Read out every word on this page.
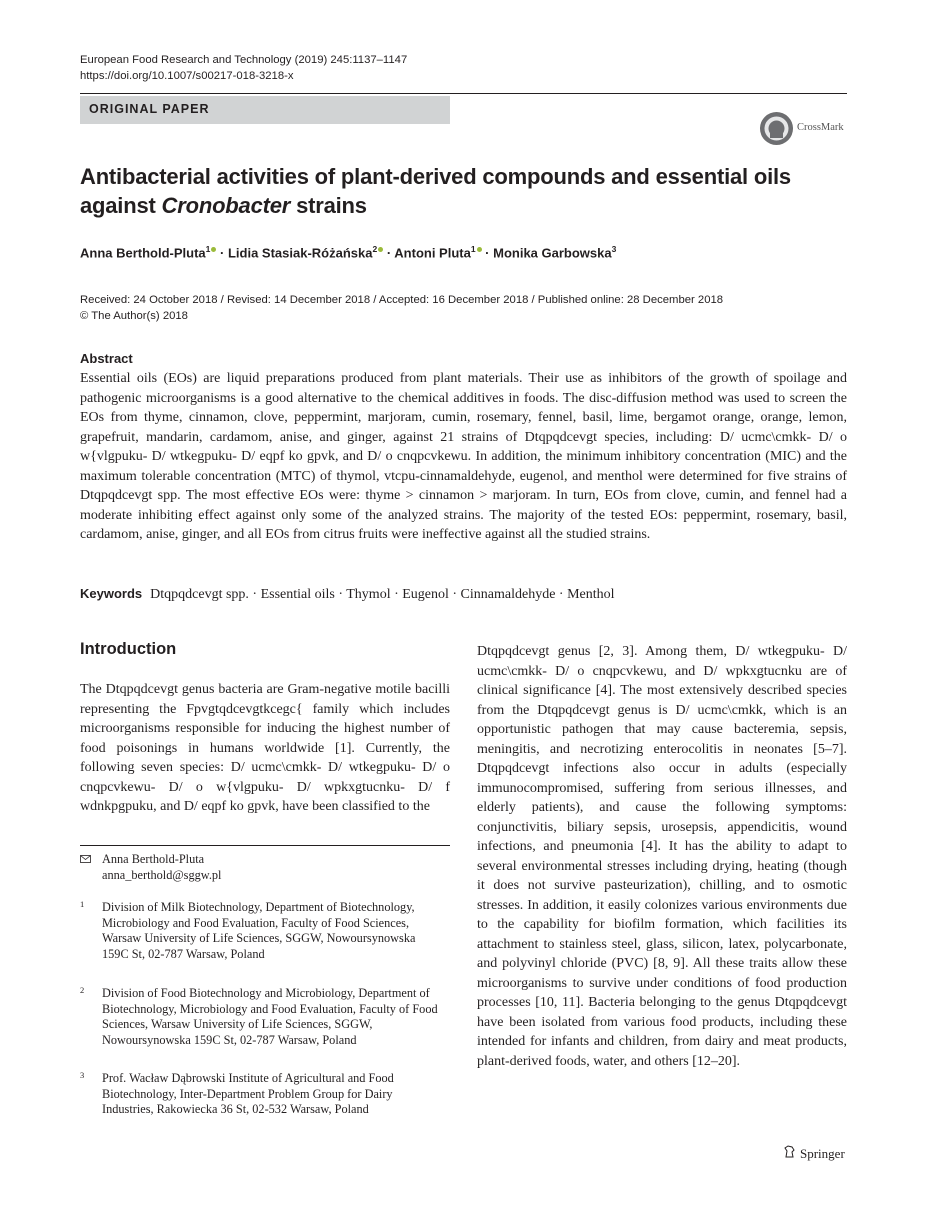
European Food Research and Technology (2019) 245:1137–1147
https://doi.org/10.1007/s00217-018-3218-x
ORIGINAL PAPER
CrossMark
Antibacterial activities of plant-derived compounds and essential oils
against Cronobacter strains
Anna Berthold-Pluta$^1$ · Lidia Stasiak-Różańska$^2$ · Antoni Pluta$^1$ · Monika Garbowska$^3$
Received: 24 October 2018 / Revised: 14 December 2018 / Accepted: 16 December 2018 / Published online: 28 December 2018
© The Author(s) 2018
Abstract
Essential oils (EOs) are liquid preparations produced from plant materials. Their use as inhibitors of the growth of spoilage and pathogenic microorganisms is a good alternative to the chemical additives in foods. The disc-diffusion method was used to screen the EOs from thyme, cinnamon, clove, peppermint, marjoram, cumin, rosemary, fennel, basil, lime, bergamot orange, orange, lemon, grapefruit, mandarin, cardamom, anise, and ginger, against 21 strains of Dtqpqdcevgt species, including: D/ ucmc\cmkk- D/ o w{vlgpuku- D/ wtkegpuku- D/ eqpf ko gpvk, and D/ o cnqpcvkewu. In addition, the minimum inhibitory concentration (MIC) and the maximum tolerable concentration (MTC) of thymol, vtcpu-cinnamaldehyde, eugenol, and menthol were determined for five strains of Dtqpqdcevgt spp. The most effective EOs were: thyme > cinnamon > marjoram. In turn, EOs from clove, cumin, and fennel had a moderate inhibiting effect against only some of the analyzed strains. The majority of the tested EOs: peppermint, rosemary, basil, cardamom, anise, ginger, and all EOs from citrus fruits were ineffective against all the studied strains.
Keywords Dtqpqdcevgt spp. · Essential oils · Thymol · Eugenol · Cinnamaldehyde · Menthol
Introduction

The Dtqpqdcevgt genus bacteria are Gram-negative motile bacilli representing the Fpvgtqdcevgtkcegc{ family which includes microorganisms responsible for inducing the highest number of food poisonings in humans worldwide [1]. Currently, the following seven species: D/ ucmc\cmkk- D/ wtkegpuku- D/ o cnqpcvkewu- D/ o w{vlgpuku- D/ wpkxgtucnku- D/ f wdnkpgpuku, and D/ eqpf ko gpvk, have been classified to the

Dtqpqdcevgt genus [2, 3]. Among them, D/ wtkegpuku- D/ ucmc\cmkk- D/ o cnqpcvkewu, and D/ wpkxgtucnku are of clinical significance [4]. The most extensively described species from the Dtqpqdcevgt genus is D/ ucmc\cmkk, which is an opportunistic pathogen that may cause bacteremia, sepsis, meningitis, and necrotizing enterocolitis in neonates [5–7]. Dtqpqdcevgt infections also occur in adults (especially immunocompromised, suffering from serious illnesses, and elderly patients), and cause the following symptoms: conjunctivitis, biliary sepsis, urosepsis, appendicitis, wound infections, and pneumonia [4]. It has the ability to adapt to several environmental stresses including drying, heating (though it does not survive pasteurization), chilling, and to osmotic stresses. In addition, it easily colonizes various environments due to the capability for biofilm formation, which facilities its attachment to stainless steel, glass, silicon, latex, polycarbonate, and polyvinyl chloride (PVC) [8, 9]. All these traits allow these microorganisms to survive under conditions of food production processes [10, 11]. Bacteria belonging to the genus Dtqpqdcevgt have been isolated from various food products, including these intended for infants and children, from dairy and meat products, plant-derived foods, water, and others [12–20].

Anna Berthold-Pluta
anna_berthold@sggw.pl
1 Division of Milk Biotechnology, Department of Biotechnology, Microbiology and Food Evaluation, Faculty of Food Sciences, Warsaw University of Life Sciences, SGGW, Nowoursynowska 159C St, 02-787 Warsaw, Poland
2 Division of Food Biotechnology and Microbiology, Department of Biotechnology, Microbiology and Food Evaluation, Faculty of Food Sciences, Warsaw University of Life Sciences, SGGW, Nowoursynowska 159C St, 02-787 Warsaw, Poland
3 Prof. Wacław Dąbrowski Institute of Agricultural and Food Biotechnology, Inter-Department Problem Group for Dairy Industries, Rakowiecka 36 St, 02-532 Warsaw, Poland
Springer
